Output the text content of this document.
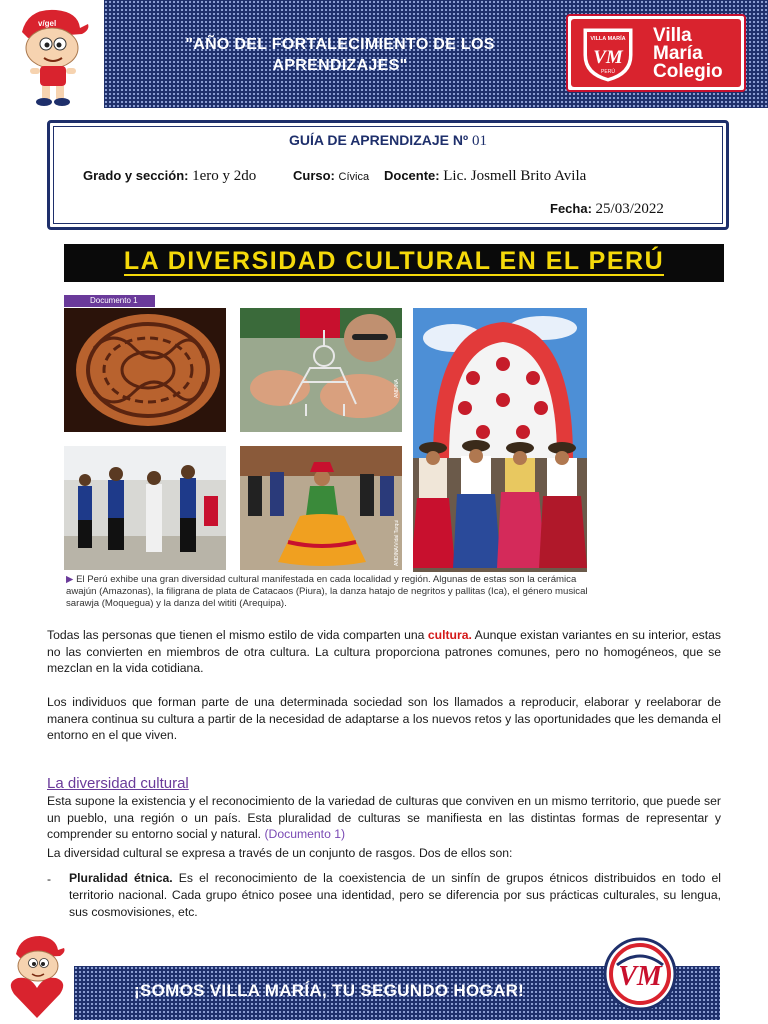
v/gel
"AÑO DEL FORTALECIMIENTO DE LOS
APRENDIZAJES"
VILLA MARÍA
VM
PERÚ
Villa
María
Colegio
GUÍA DE APRENDIZAJE Nº 01
Grado y sección: 1ero y 2do	Curso: Cívica Docente: Lic. Josmell Brito Avila
Fecha: 25/03/2022
LA DIVERSIDAD CULTURAL EN EL PERÚ
Documento 1
ANDINA
ANDINA/Vidal Tarqui
▶ El Perú exhibe una gran diversidad cultural manifestada en cada localidad y región. Algunas de estas son la cerámica awajún (Amazonas), la filigrana de plata de Catacaos (Piura), la danza hatajo de negritos y pallitas (Ica), el género musical sarawja (Moquegua) y la danza del wititi (Arequipa).
Todas las personas que tienen el mismo estilo de vida comparten una cultura. Aunque existan variantes en su interior, estas no las convierten en miembros de otra cultura. La cultura proporciona patrones comunes, pero no homogéneos, que se mezclan en la vida cotidiana.
Los individuos que forman parte de una determinada sociedad son los llamados a reproducir, elaborar y reelaborar de manera continua su cultura a partir de la necesidad de adaptarse a los nuevos retos y las oportunidades que les demanda el entorno en el que viven.
La diversidad cultural
Esta supone la existencia y el reconocimiento de la variedad de culturas que conviven en un mismo territorio, que puede ser un pueblo, una región o un país. Esta pluralidad de culturas se manifiesta en las distintas formas de representar y comprender su entorno social y natural. (Documento 1)
La diversidad cultural se expresa a través de un conjunto de rasgos. Dos de ellos son:
- Pluralidad étnica. Es el reconocimiento de la coexistencia de un sinfín de grupos étnicos distribuidos en todo el territorio nacional. Cada grupo étnico posee una identidad, pero se diferencia por sus prácticas culturales, su lengua, sus cosmovisiones, etc.
¡SOMOS VILLA MARÍA, TU SEGUNDO HOGAR!	VM
